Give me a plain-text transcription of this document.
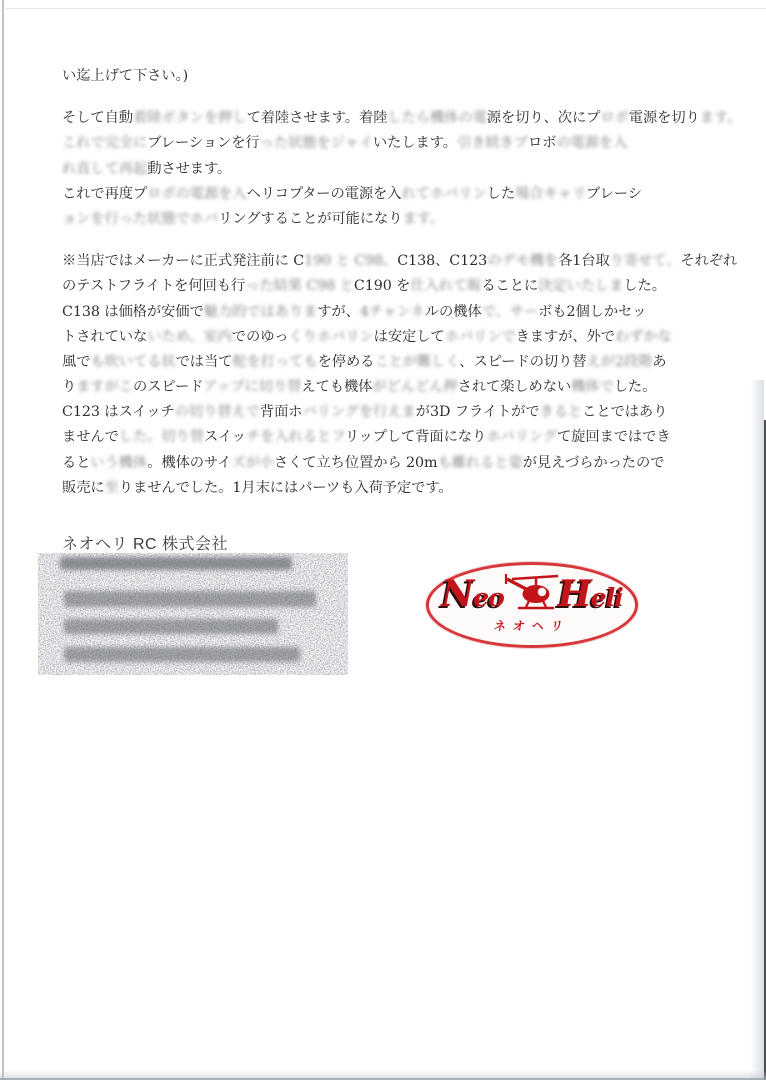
い迄上げて下さい。)
そして自動着陸ボタンを押して着陸させます。着陸したら機体の電源を切り、次にプロポ電源を切ります。
これで完全にブレーションを行った状態をジャイいたします。引き続きプロボの電源を入
れ直して再起動させます。
これで再度プロポの電源を入ヘリコプターの電源を入れてホバリンした場合キャリブレーシ
ョンを行った状態でホバリングすることが可能になります。
※当店ではメーカーに正式発注前に C190 と C98、C138、C123のデモ機を各1台取り寄せて、それぞれ
のテストフライトを何回も行った結果 C98 とC190 を仕入れて販ることに決定いたしました。
C138 は価格が安価で魅力的ではありますが、4チャンネルの機体で、サーボも2個しかセッ
トされていないため、室内でのゆっくりホバリンは安定してホバリンできますが、外でわずかな
風でも吹いてる状では当て舵を打ってもを停めることが難しく、スピードの切り替えが2段階あ
りますがこのスピードアップに切り替えても機体がどんどん押されて楽しめない機体でした。
C123 はスイッチの切り替えで背面ホバリングを行えまが3D フライトができるとことではあり
ませんでした。切り替スイッチを入れるとフリップして背面になりホバリングて旋回まではでき
るという機体。機体のサイズが小さくて立ち位置から 20mも離れると姿が見えづらかったので
販売に至りませんでした。1月末にはパーツも入荷予定です。
ネオヘリ RC 株式会社
Neo Heli
ネオヘリ
